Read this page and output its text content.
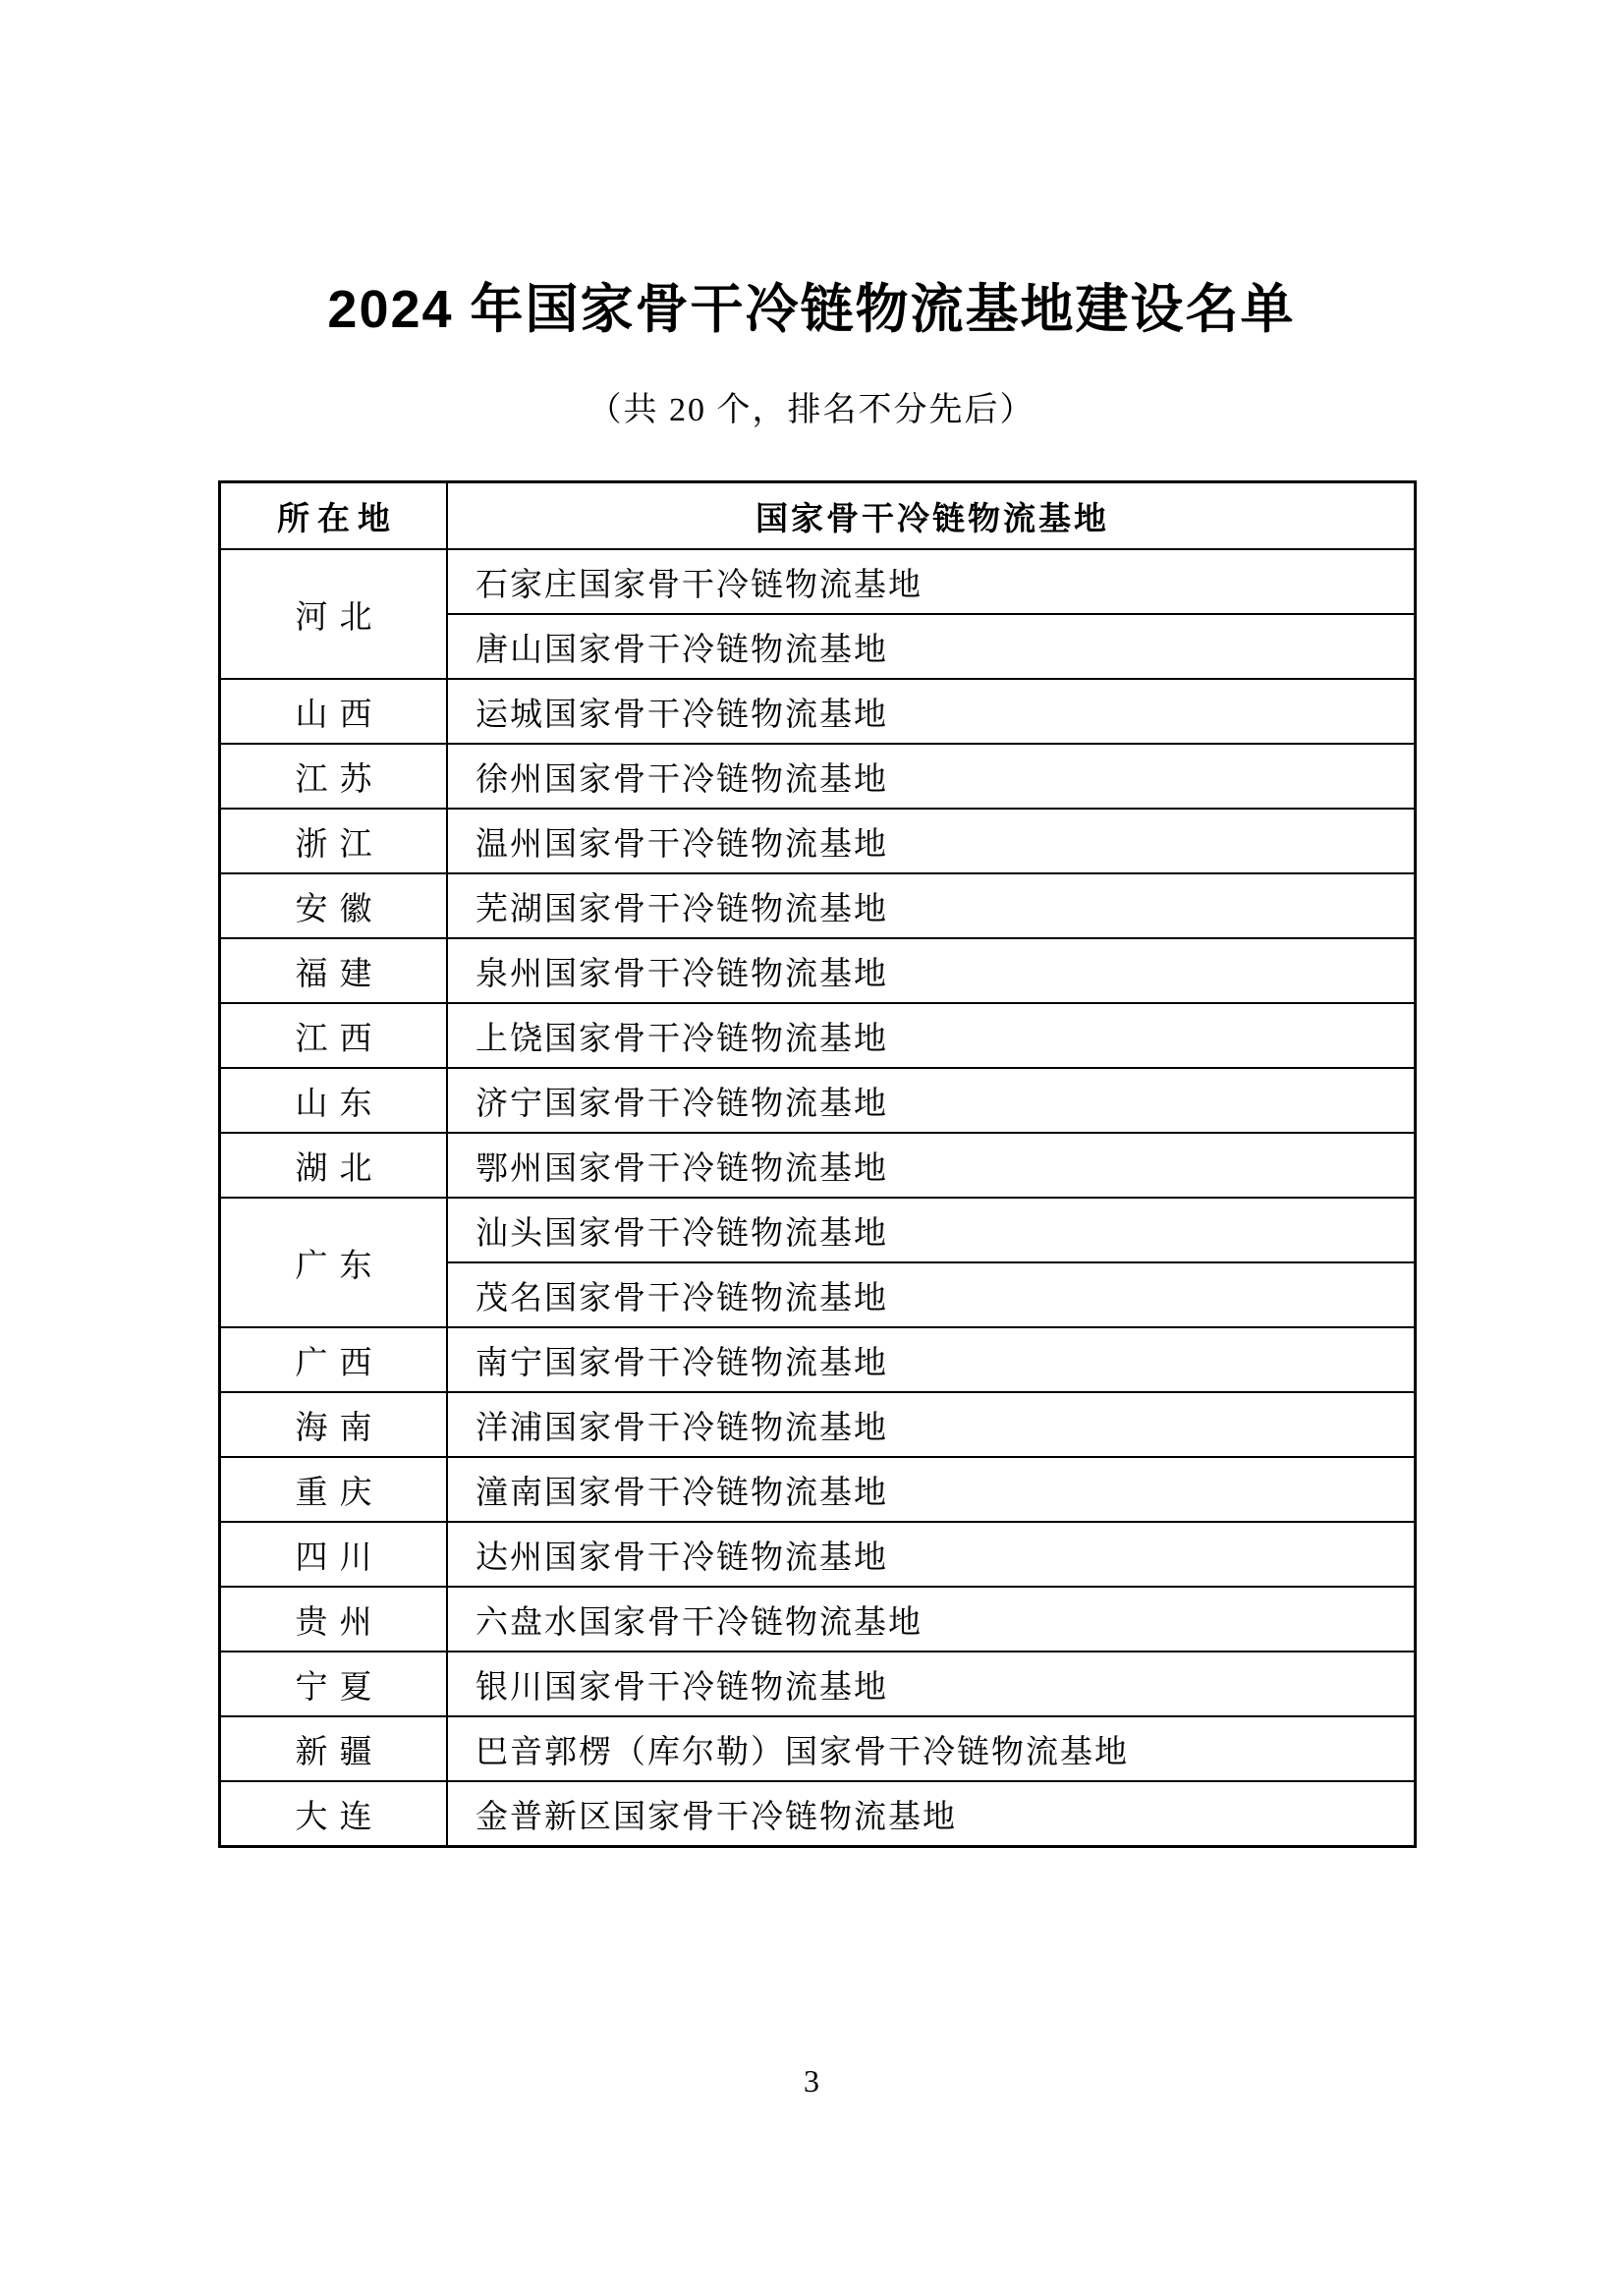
2024 年国家骨干冷链物流基地建设名单
（共 20 个，排名不分先后）
所在地	国家骨干冷链物流基地
河北	石家庄国家骨干冷链物流基地
	唐山国家骨干冷链物流基地
山西	运城国家骨干冷链物流基地
江苏	徐州国家骨干冷链物流基地
浙江	温州国家骨干冷链物流基地
安徽	芜湖国家骨干冷链物流基地
福建	泉州国家骨干冷链物流基地
江西	上饶国家骨干冷链物流基地
山东	济宁国家骨干冷链物流基地
湖北	鄂州国家骨干冷链物流基地
广东	汕头国家骨干冷链物流基地
	茂名国家骨干冷链物流基地
广西	南宁国家骨干冷链物流基地
海南	洋浦国家骨干冷链物流基地
重庆	潼南国家骨干冷链物流基地
四川	达州国家骨干冷链物流基地
贵州	六盘水国家骨干冷链物流基地
宁夏	银川国家骨干冷链物流基地
新疆	巴音郭楞（库尔勒）国家骨干冷链物流基地
大连	金普新区国家骨干冷链物流基地
3
